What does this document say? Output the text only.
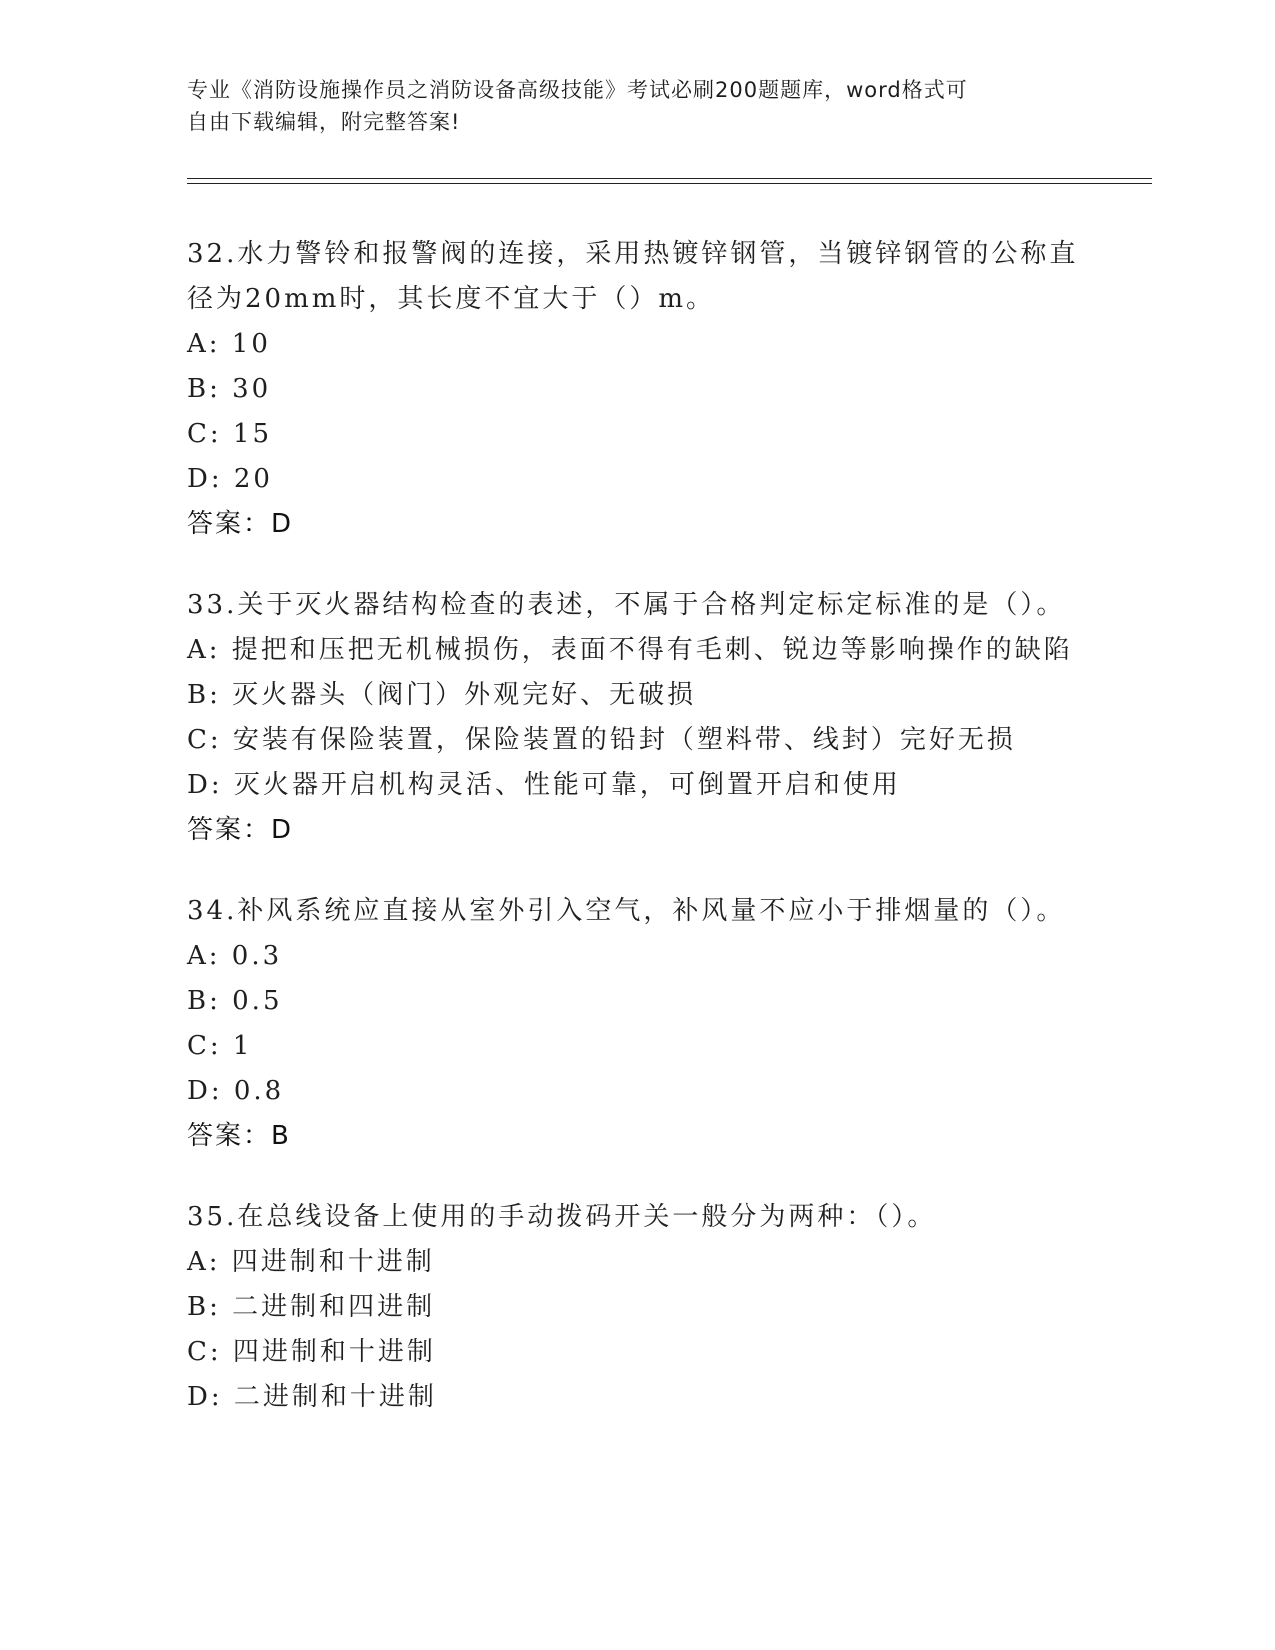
专业《消防设施操作员之消防设备高级技能》考试必刷200题题库，word格式可
自由下载编辑，附完整答案!
32.水力警铃和报警阀的连接，采用热镀锌钢管，当镀锌钢管的公称直
径为20mm时，其长度不宜大于（）m。
A: 10
B: 30
C: 15
D: 20
答案：D
33.关于灭火器结构检查的表述，不属于合格判定标定标准的是（）。
A: 提把和压把无机械损伤，表面不得有毛刺、锐边等影响操作的缺陷
B: 灭火器头（阀门）外观完好、无破损
C: 安装有保险装置，保险装置的铅封（塑料带、线封）完好无损
D: 灭火器开启机构灵活、性能可靠，可倒置开启和使用
答案：D
34.补风系统应直接从室外引入空气，补风量不应小于排烟量的（）。
A: 0.3
B: 0.5
C: 1
D: 0.8
答案：B
35.在总线设备上使用的手动拨码开关一般分为两种：（）。
A: 四进制和十进制
B: 二进制和四进制
C: 四进制和十进制
D: 二进制和十进制
